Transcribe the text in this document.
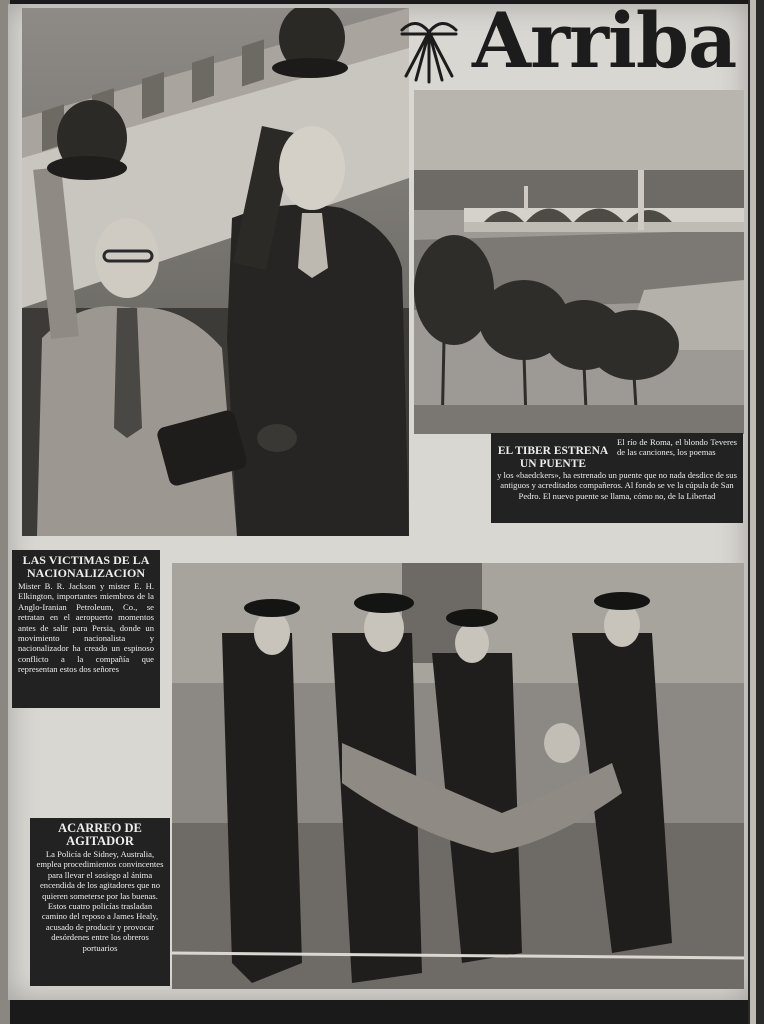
Arriba
EL TIBER ESTRENA
UN PUENTE
El río de Roma, el blondo Teveres de las canciones, los poemas
y los «baedckers», ha estrenado un puente que no nada desdice de sus antiguos y acreditados compañeros. Al fondo se ve la cúpula de San Pedro. El nuevo puente se llama, cómo no, de la Libertad
LAS VICTIMAS DE LA NACIONALIZACION
Mister B. R. Jackson y mister E. H. Elkington, importantes miembros de la Anglo-Iranian Petroleum, Co., se retratan en el aeropuerto momentos antes de salir para Persia, donde un movimiento nacionalista y nacionalizador ha creado un espinoso conflicto a la compañía que representan estos dos señores
ACARREO DE
AGITADOR
La Policía de Sidney, Australia, emplea procedimientos convincentes para llevar el sosiego al ánima encendida de los agitadores que no quieren someterse por las buenas. Estos cuatro policías trasladan camino del reposo a James Healy, acusado de producir y provocar desórdenes entre los obreros portuarios
